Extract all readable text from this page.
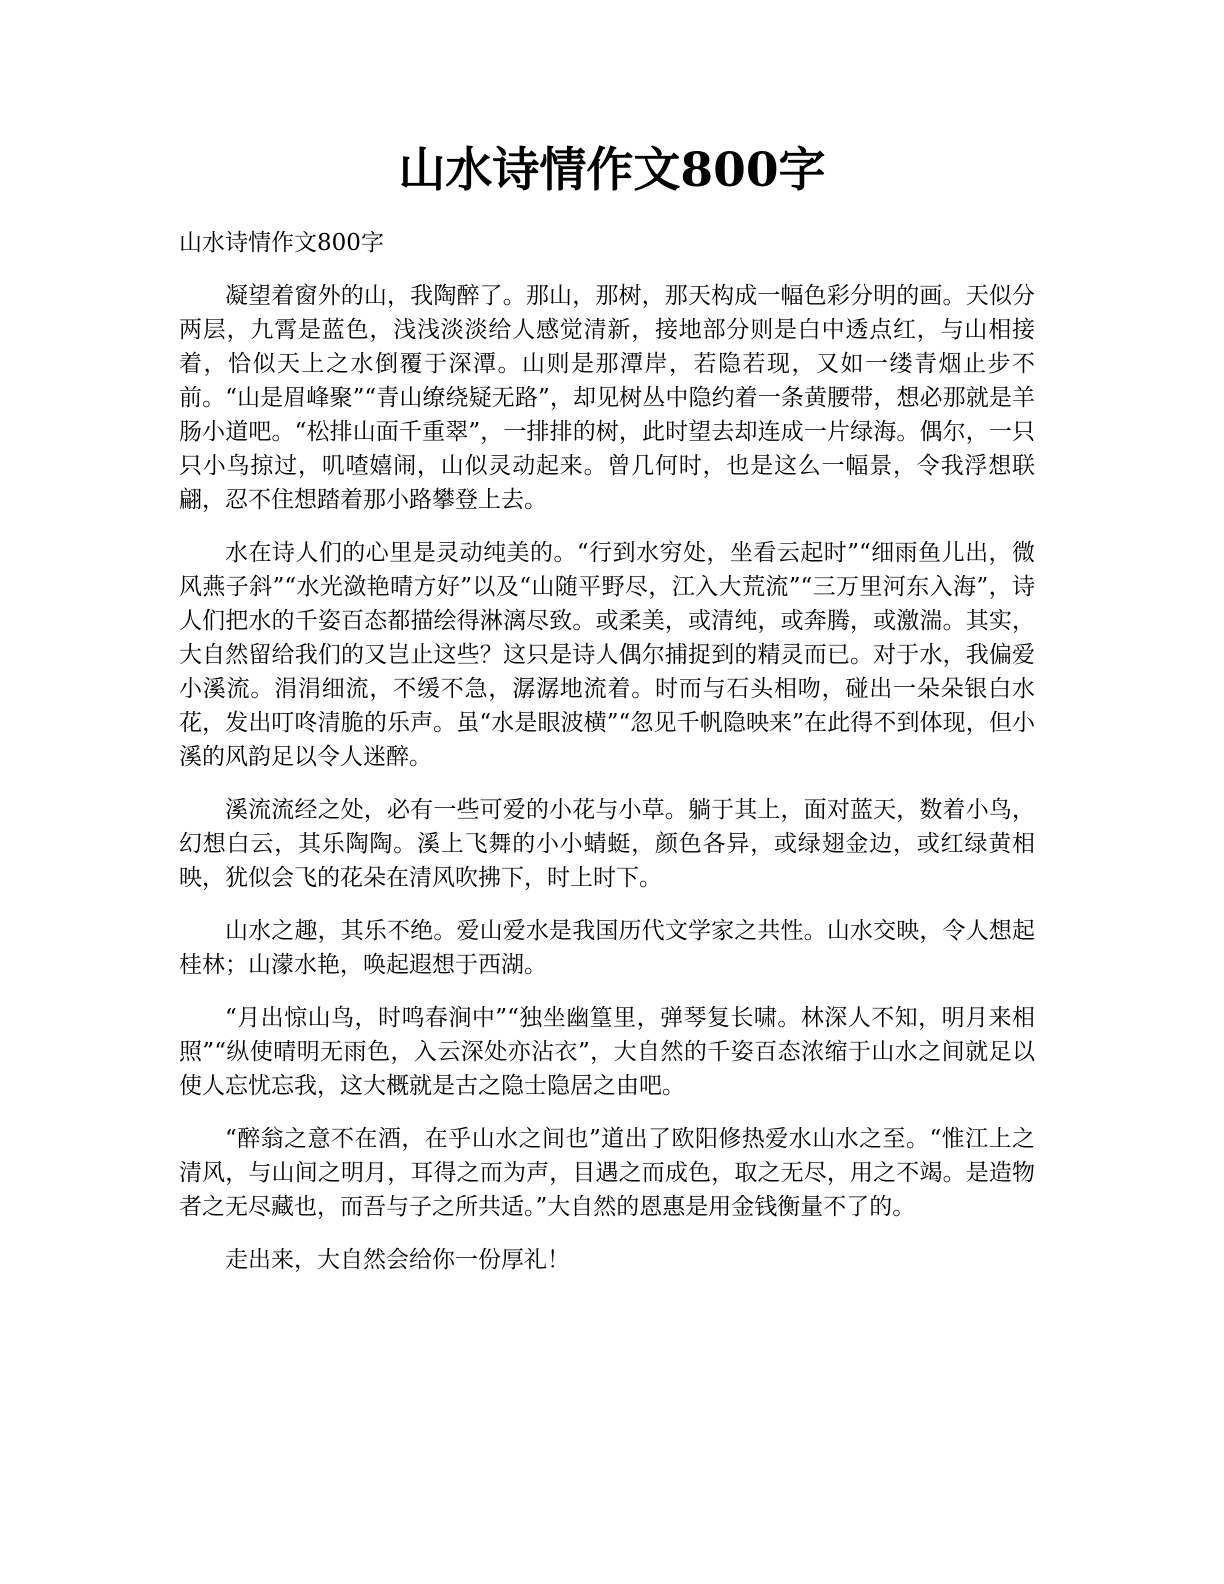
山水诗情作文800字

山水诗情作文800字

凝望着窗外的山，我陶醉了。那山，那树，那天构成一幅色彩分明的画。天似分两层，九霄是蓝色，浅浅淡淡给人感觉清新，接地部分则是白中透点红，与山相接着，恰似天上之水倒覆于深潭。山则是那潭岸，若隐若现，又如一缕青烟止步不前。“山是眉峰聚”“青山缭绕疑无路”，却见树丛中隐约着一条黄腰带，想必那就是羊肠小道吧。“松排山面千重翠”，一排排的树，此时望去却连成一片绿海。偶尔，一只只小鸟掠过，叽喳嬉闹，山似灵动起来。曾几何时，也是这么一幅景，令我浮想联翩，忍不住想踏着那小路攀登上去。

水在诗人们的心里是灵动纯美的。“行到水穷处，坐看云起时”“细雨鱼儿出，微风燕子斜”“水光潋艳晴方好”以及“山随平野尽，江入大荒流”“三万里河东入海”，诗人们把水的千姿百态都描绘得淋漓尽致。或柔美，或清纯，或奔腾，或激湍。其实，大自然留给我们的又岂止这些？这只是诗人偶尔捕捉到的精灵而已。对于水，我偏爱小溪流。涓涓细流，不缓不急，潺潺地流着。时而与石头相吻，碰出一朵朵银白水花，发出叮咚清脆的乐声。虽“水是眼波横”“忽见千帆隐映来”在此得不到体现，但小溪的风韵足以令人迷醉。

溪流流经之处，必有一些可爱的小花与小草。躺于其上，面对蓝天，数着小鸟，幻想白云，其乐陶陶。溪上飞舞的小小蜻蜓，颜色各异，或绿翅金边，或红绿黄相映，犹似会飞的花朵在清风吹拂下，时上时下。

山水之趣，其乐不绝。爱山爱水是我国历代文学家之共性。山水交映，令人想起桂林；山濛水艳，唤起遐想于西湖。

“月出惊山鸟，时鸣春涧中”“独坐幽篁里，弹琴复长啸。林深人不知，明月来相照”“纵使晴明无雨色，入云深处亦沾衣”，大自然的千姿百态浓缩于山水之间就足以使人忘忧忘我，这大概就是古之隐士隐居之由吧。

“醉翁之意不在酒，在乎山水之间也”道出了欧阳修热爱水山水之至。“惟江上之清风，与山间之明月，耳得之而为声，目遇之而成色，取之无尽，用之不竭。是造物者之无尽藏也，而吾与子之所共适。”大自然的恩惠是用金钱衡量不了的。

走出来，大自然会给你一份厚礼！
